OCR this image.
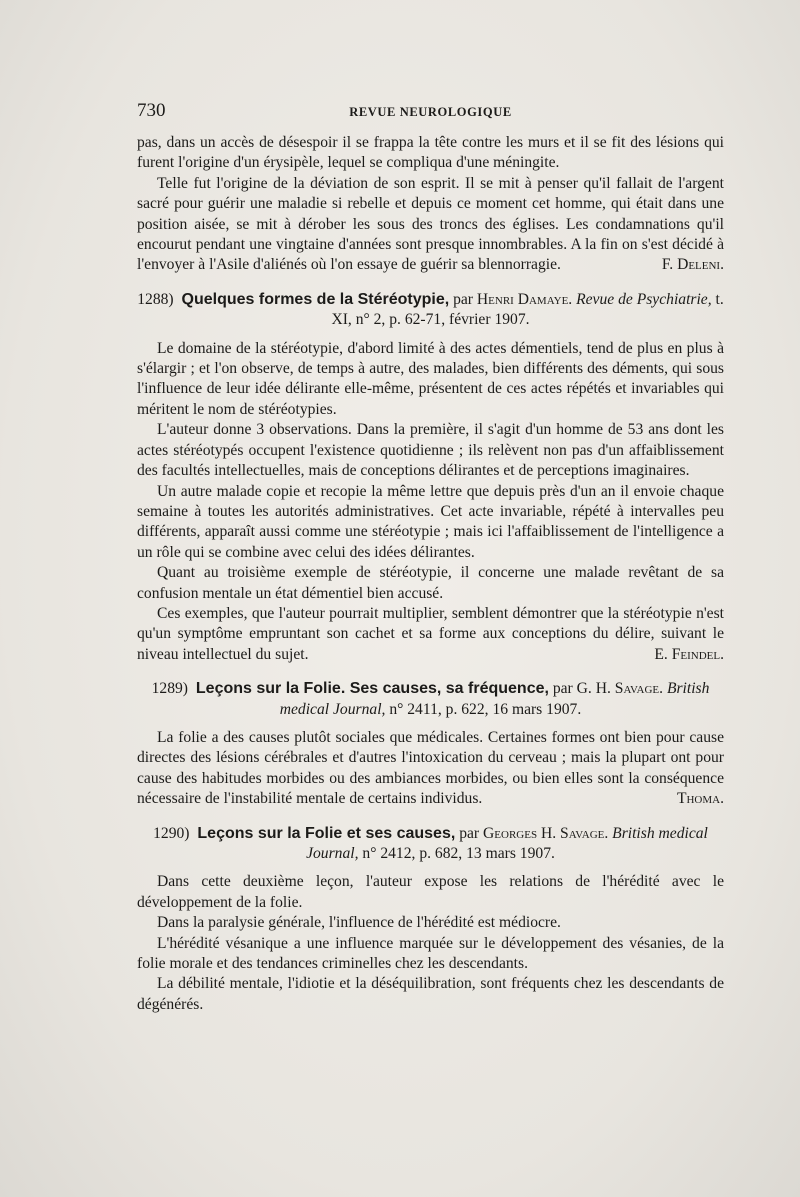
730	REVUE NEUROLOGIQUE

pas, dans un accès de désespoir il se frappa la tête contre les murs et il se fit des lésions qui furent l'origine d'un érysipèle, lequel se compliqua d'une méningite.

Telle fut l'origine de la déviation de son esprit. Il se mit à penser qu'il fallait de l'argent sacré pour guérir une maladie si rebelle et depuis ce moment cet homme, qui était dans une position aisée, se mit à dérober les sous des troncs des églises. Les condamnations qu'il encourut pendant une vingtaine d'années sont presque innombrables. A la fin on s'est décidé à l'envoyer à l'Asile d'aliénés où l'on essaye de guérir sa blennorragie.	F. Deleni.

1288) Quelques formes de la Stéréotypie, par Henri Damaye. Revue de Psychiatrie, t. XI, n° 2, p. 62-71, février 1907.

Le domaine de la stéréotypie, d'abord limité à des actes démentiels, tend de plus en plus à s'élargir ; et l'on observe, de temps à autre, des malades, bien différents des déments, qui sous l'influence de leur idée délirante elle-même, présentent de ces actes répétés et invariables qui méritent le nom de stéréotypies.

L'auteur donne 3 observations. Dans la première, il s'agit d'un homme de 53 ans dont les actes stéréotypés occupent l'existence quotidienne ; ils relèvent non pas d'un affaiblissement des facultés intellectuelles, mais de conceptions délirantes et de perceptions imaginaires.

Un autre malade copie et recopie la même lettre que depuis près d'un an il envoie chaque semaine à toutes les autorités administratives. Cet acte invariable, répété à intervalles peu différents, apparaît aussi comme une stéréotypie ; mais ici l'affaiblissement de l'intelligence a un rôle qui se combine avec celui des idées délirantes.

Quant au troisième exemple de stéréotypie, il concerne une malade revêtant de sa confusion mentale un état démentiel bien accusé.

Ces exemples, que l'auteur pourrait multiplier, semblent démontrer que la stéréotypie n'est qu'un symptôme empruntant son cachet et sa forme aux conceptions du délire, suivant le niveau intellectuel du sujet.	E. Feindel.

1289) Leçons sur la Folie. Ses causes, sa fréquence, par G. H. Savage. British medical Journal, n° 2411, p. 622, 16 mars 1907.

La folie a des causes plutôt sociales que médicales. Certaines formes ont bien pour cause directes des lésions cérébrales et d'autres l'intoxication du cerveau ; mais la plupart ont pour cause des habitudes morbides ou des ambiances morbides, ou bien elles sont la conséquence nécessaire de l'instabilité mentale de certains individus.	Thoma.

1290) Leçons sur la Folie et ses causes, par Georges H. Savage. British medical Journal, n° 2412, p. 682, 13 mars 1907.

Dans cette deuxième leçon, l'auteur expose les relations de l'hérédité avec le développement de la folie.

Dans la paralysie générale, l'influence de l'hérédité est médiocre.

L'hérédité vésanique a une influence marquée sur le développement des vésanies, de la folie morale et des tendances criminelles chez les descendants.

La débilité mentale, l'idiotie et la déséquilibration, sont fréquents chez les descendants de dégénérés.
